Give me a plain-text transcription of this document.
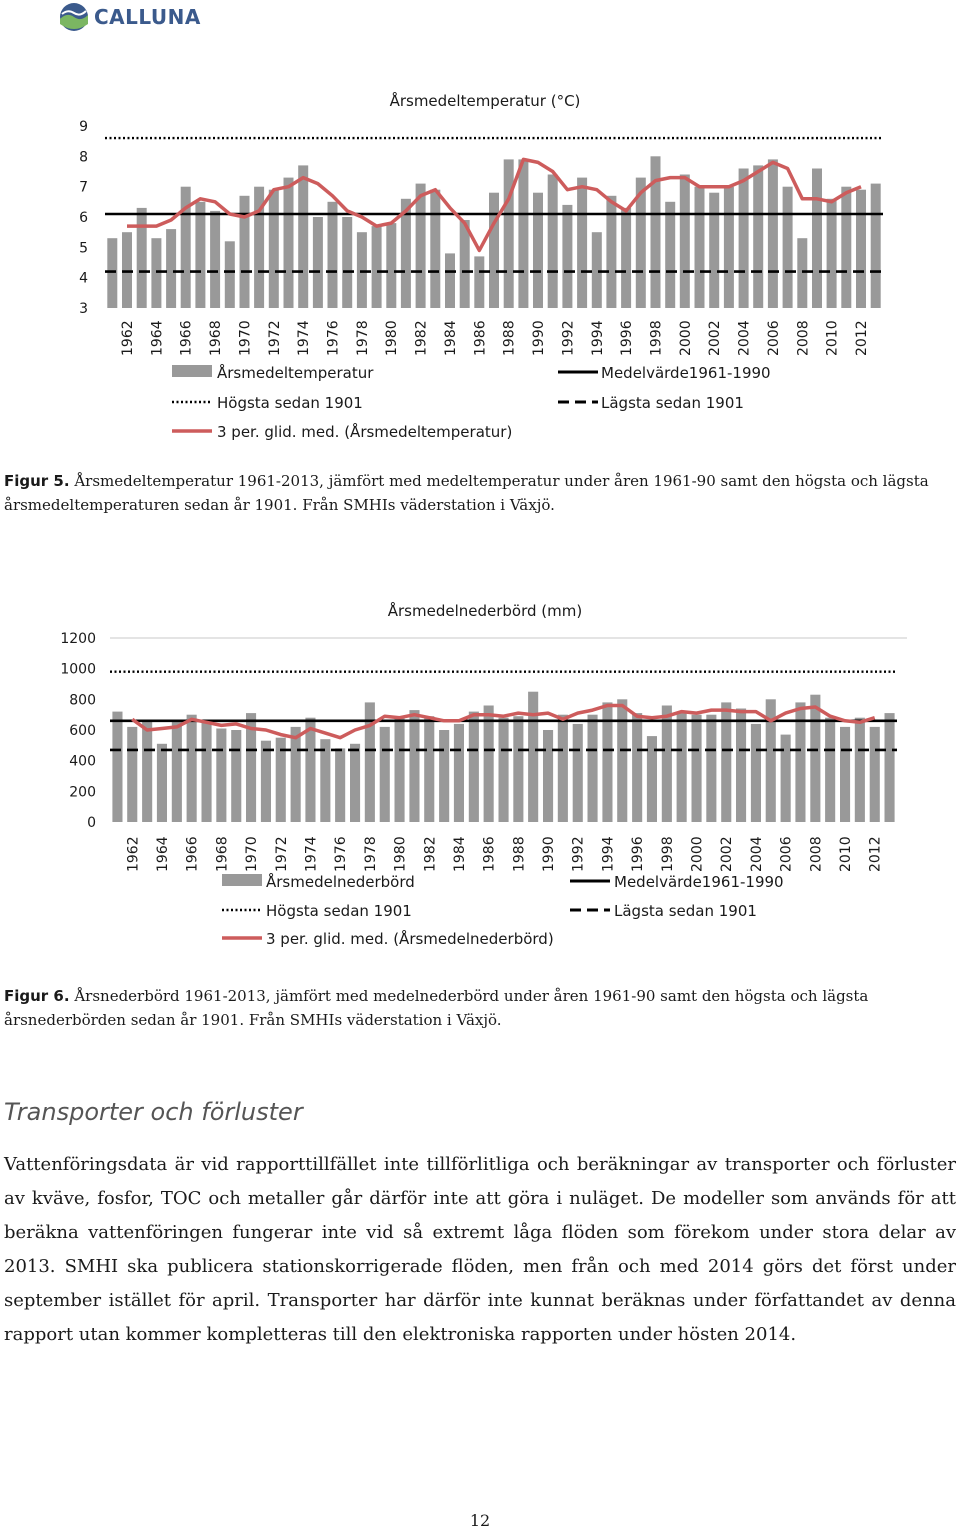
CALLUNA
Årsmedeltemperatur (°C)
9
8
7
6
5
4
3
1962 1964 1966 1968 1970 1972 1974 1976 1978 1980 1982 1984 1986 1988 1990 1992 1994 1996 1998 2000 2002 2004 2006 2008 2010 2012
Årsmedeltemperatur	Medelvärde1961-1990
Högsta sedan 1901	Lägsta sedan 1901
3 per. glid. med. (Årsmedeltemperatur)
Figur 5. Årsmedeltemperatur 1961-2013, jämfört med medeltemperatur under åren 1961-90 samt den högsta och lägsta årsmedeltemperaturen sedan år 1901. Från SMHIs väderstation i Växjö.
Årsmedelnederbörd (mm)
1200
1000
800
600
400
200
0
1962 1964 1966 1968 1970 1972 1974 1976 1978 1980 1982 1984 1986 1988 1990 1992 1994 1996 1998 2000 2002 2004 2006 2008 2010 2012
Årsmedelnederbörd	Medelvärde1961-1990
Högsta sedan 1901	Lägsta sedan 1901
3 per. glid. med. (Årsmedelnederbörd)
Figur 6. Årsnederbörd 1961-2013, jämfört med medelnederbörd under åren 1961-90 samt den högsta och lägsta årsnederbörden sedan år 1901. Från SMHIs väderstation i Växjö.
Transporter och förluster

Vattenföringsdata är vid rapporttillfället inte tillförlitliga och beräkningar av transporter och förluster av kväve, fosfor, TOC och metaller går därför inte att göra i nuläget. De modeller som används för att beräkna vattenföringen fungerar inte vid så extremt låga flöden som förekom under stora delar av 2013. SMHI ska publicera stationskorrigerade flöden, men från och med 2014 görs det först under september istället för april. Transporter har därför inte kunnat beräknas under författandet av denna rapport utan kommer kompletteras till den elektroniska rapporten under hösten 2014.

12
